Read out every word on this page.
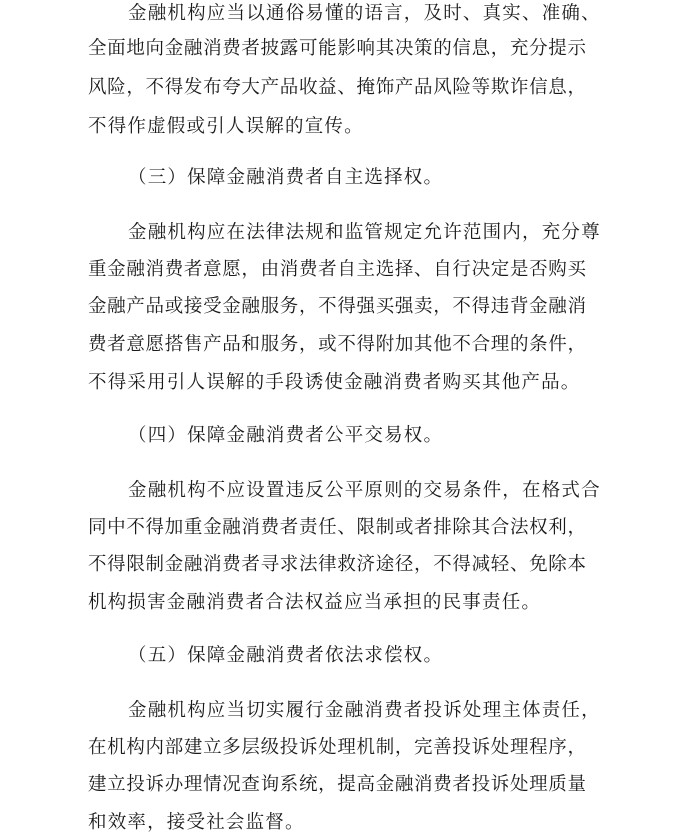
金融机构应当以通俗易懂的语言，及时、真实、准确、
全面地向金融消费者披露可能影响其决策的信息，充分提示
风险，不得发布夸大产品收益、掩饰产品风险等欺诈信息，
不得作虚假或引人误解的宣传。
（三）保障金融消费者自主选择权。
金融机构应在法律法规和监管规定允许范围内，充分尊
重金融消费者意愿，由消费者自主选择、自行决定是否购买
金融产品或接受金融服务，不得强买强卖，不得违背金融消
费者意愿搭售产品和服务，或不得附加其他不合理的条件，
不得采用引人误解的手段诱使金融消费者购买其他产品。
（四）保障金融消费者公平交易权。
金融机构不应设置违反公平原则的交易条件，在格式合
同中不得加重金融消费者责任、限制或者排除其合法权利，
不得限制金融消费者寻求法律救济途径，不得减轻、免除本
机构损害金融消费者合法权益应当承担的民事责任。
（五）保障金融消费者依法求偿权。
金融机构应当切实履行金融消费者投诉处理主体责任，
在机构内部建立多层级投诉处理机制，完善投诉处理程序，
建立投诉办理情况查询系统，提高金融消费者投诉处理质量
和效率，接受社会监督。
